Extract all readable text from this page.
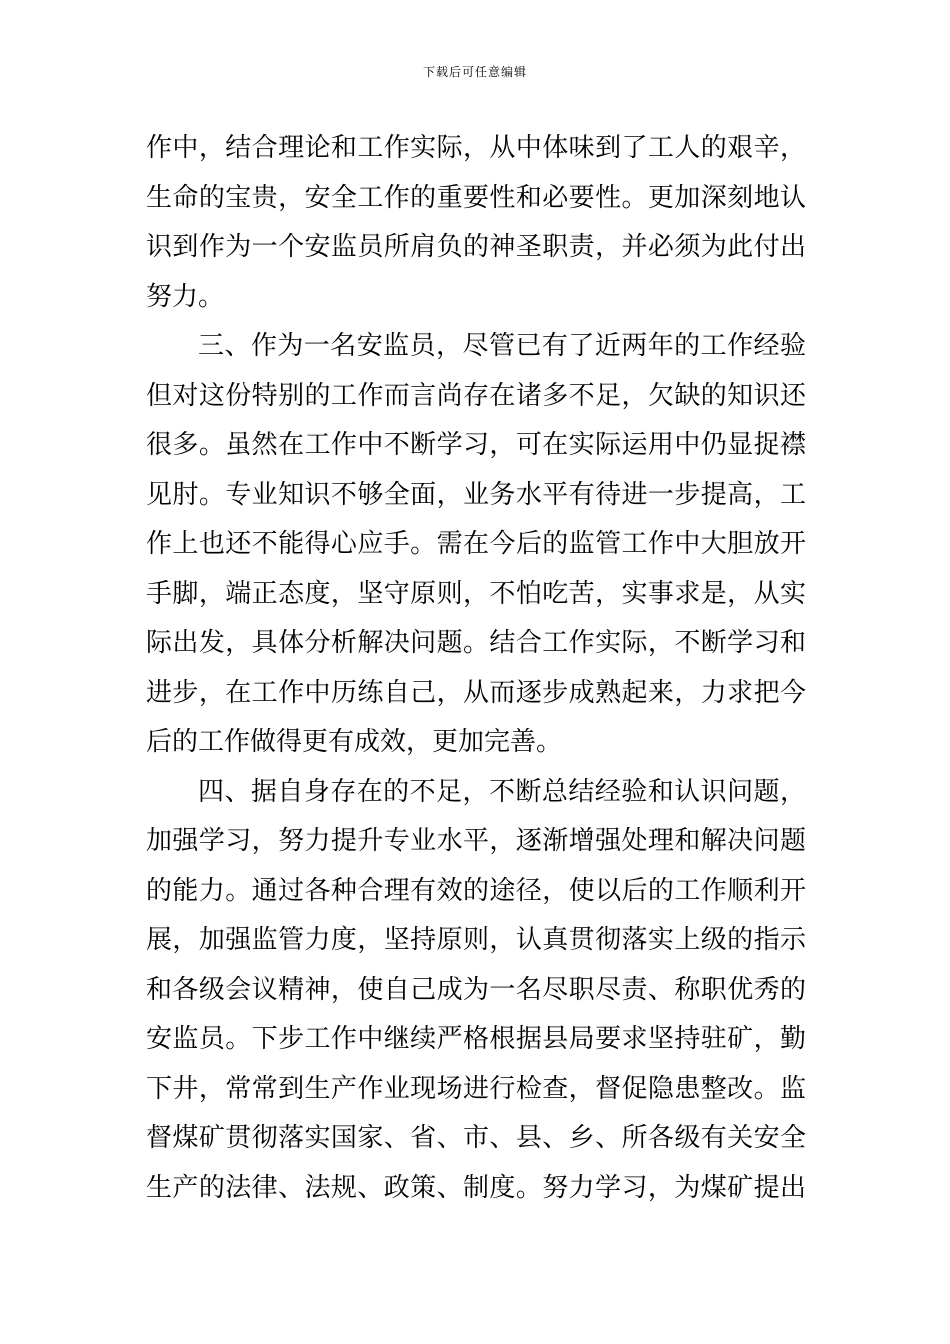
下载后可任意编辑
作中，结合理论和工作实际，从中体味到了工人的艰辛，
生命的宝贵，安全工作的重要性和必要性。更加深刻地认
识到作为一个安监员所肩负的神圣职责，并必须为此付出
努力。
三、作为一名安监员，尽管已有了近两年的工作经验
但对这份特别的工作而言尚存在诸多不足，欠缺的知识还
很多。虽然在工作中不断学习，可在实际运用中仍显捉襟
见肘。专业知识不够全面，业务水平有待进一步提高，工
作上也还不能得心应手。需在今后的监管工作中大胆放开
手脚，端正态度，坚守原则，不怕吃苦，实事求是，从实
际出发，具体分析解决问题。结合工作实际，不断学习和
进步，在工作中历练自己，从而逐步成熟起来，力求把今
后的工作做得更有成效，更加完善。
四、据自身存在的不足，不断总结经验和认识问题，
加强学习，努力提升专业水平，逐渐增强处理和解决问题
的能力。通过各种合理有效的途径，使以后的工作顺利开
展，加强监管力度，坚持原则，认真贯彻落实上级的指示
和各级会议精神，使自己成为一名尽职尽责、称职优秀的
安监员。下步工作中继续严格根据县局要求坚持驻矿，勤
下井，常常到生产作业现场进行检查，督促隐患整改。监
督煤矿贯彻落实国家、省、市、县、乡、所各级有关安全
生产的法律、法规、政策、制度。努力学习，为煤矿提出
